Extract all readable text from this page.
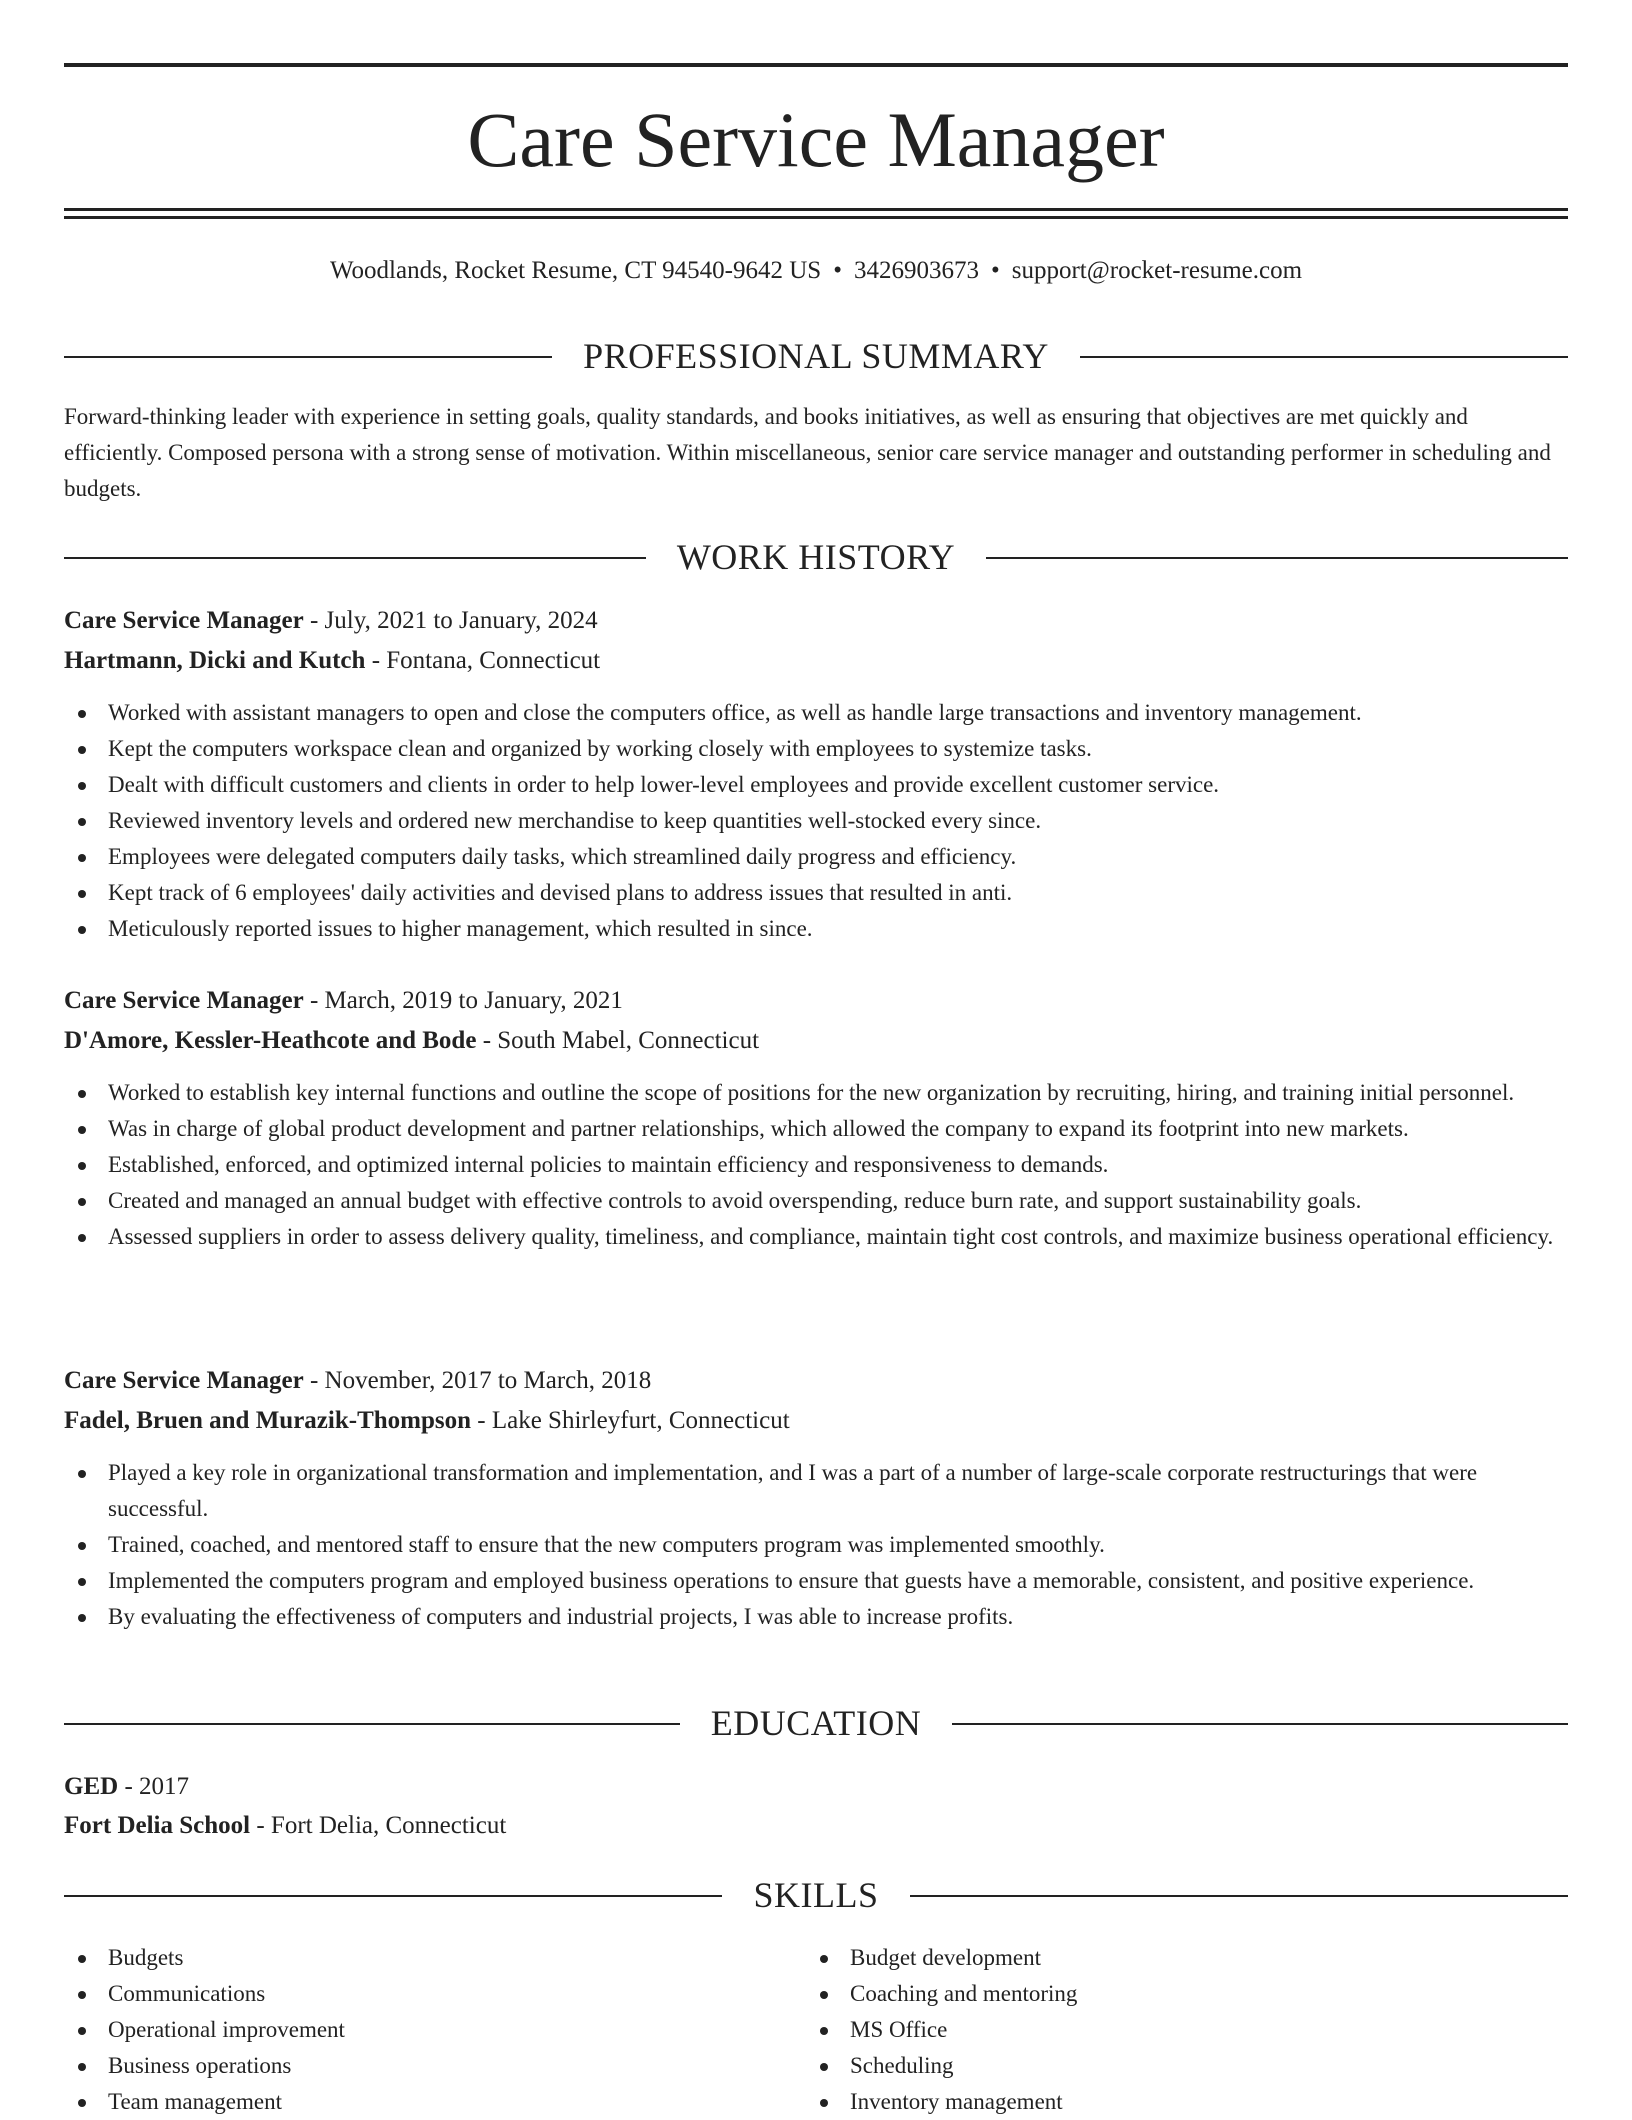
Care Service Manager
Woodlands, Rocket Resume, CT 94540-9642 US • 3426903673 • support@rocket-resume.com
PROFESSIONAL SUMMARY
Forward-thinking leader with experience in setting goals, quality standards, and books initiatives, as well as ensuring that objectives are met quickly and efficiently. Composed persona with a strong sense of motivation. Within miscellaneous, senior care service manager and outstanding performer in scheduling and budgets.
WORK HISTORY
Care Service Manager - July, 2021 to January, 2024
Hartmann, Dicki and Kutch - Fontana, Connecticut
Worked with assistant managers to open and close the computers office, as well as handle large transactions and inventory management.
Kept the computers workspace clean and organized by working closely with employees to systemize tasks.
Dealt with difficult customers and clients in order to help lower-level employees and provide excellent customer service.
Reviewed inventory levels and ordered new merchandise to keep quantities well-stocked every since.
Employees were delegated computers daily tasks, which streamlined daily progress and efficiency.
Kept track of 6 employees' daily activities and devised plans to address issues that resulted in anti.
Meticulously reported issues to higher management, which resulted in since.
Care Service Manager - March, 2019 to January, 2021
D'Amore, Kessler-Heathcote and Bode - South Mabel, Connecticut
Worked to establish key internal functions and outline the scope of positions for the new organization by recruiting, hiring, and training initial personnel.
Was in charge of global product development and partner relationships, which allowed the company to expand its footprint into new markets.
Established, enforced, and optimized internal policies to maintain efficiency and responsiveness to demands.
Created and managed an annual budget with effective controls to avoid overspending, reduce burn rate, and support sustainability goals.
Assessed suppliers in order to assess delivery quality, timeliness, and compliance, maintain tight cost controls, and maximize business operational efficiency.
Care Service Manager - November, 2017 to March, 2018
Fadel, Bruen and Murazik-Thompson - Lake Shirleyfurt, Connecticut
Played a key role in organizational transformation and implementation, and I was a part of a number of large-scale corporate restructurings that were successful.
Trained, coached, and mentored staff to ensure that the new computers program was implemented smoothly.
Implemented the computers program and employed business operations to ensure that guests have a memorable, consistent, and positive experience.
By evaluating the effectiveness of computers and industrial projects, I was able to increase profits.
EDUCATION
GED - 2017
Fort Delia School - Fort Delia, Connecticut
SKILLS
Budgets
Communications
Operational improvement
Business operations
Team management
Budget development
Coaching and mentoring
MS Office
Scheduling
Inventory management
